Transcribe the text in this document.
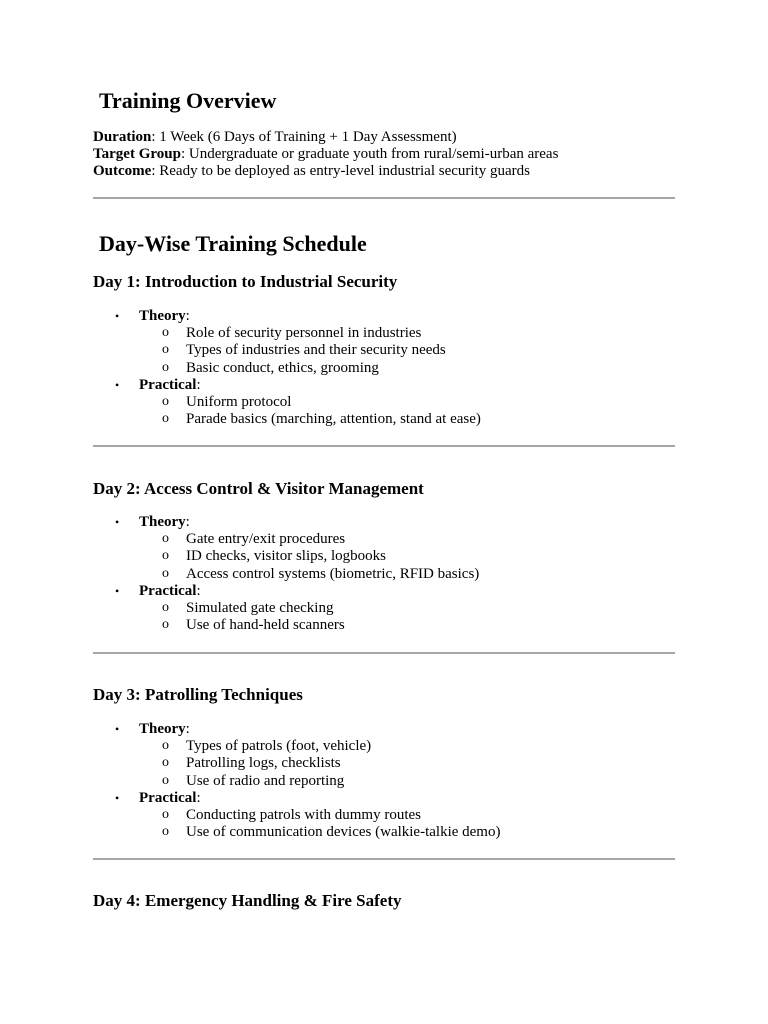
Training Overview
Duration: 1 Week (6 Days of Training + 1 Day Assessment)
Target Group: Undergraduate or graduate youth from rural/semi-urban areas
Outcome: Ready to be deployed as entry-level industrial security guards
Day-Wise Training Schedule
Day 1: Introduction to Industrial Security
• Theory:
o Role of security personnel in industries
o Types of industries and their security needs
o Basic conduct, ethics, grooming
• Practical:
o Uniform protocol
o Parade basics (marching, attention, stand at ease)
Day 2: Access Control & Visitor Management
• Theory:
o Gate entry/exit procedures
o ID checks, visitor slips, logbooks
o Access control systems (biometric, RFID basics)
• Practical:
o Simulated gate checking
o Use of hand-held scanners
Day 3: Patrolling Techniques
• Theory:
o Types of patrols (foot, vehicle)
o Patrolling logs, checklists
o Use of radio and reporting
• Practical:
o Conducting patrols with dummy routes
o Use of communication devices (walkie-talkie demo)
Day 4: Emergency Handling & Fire Safety
